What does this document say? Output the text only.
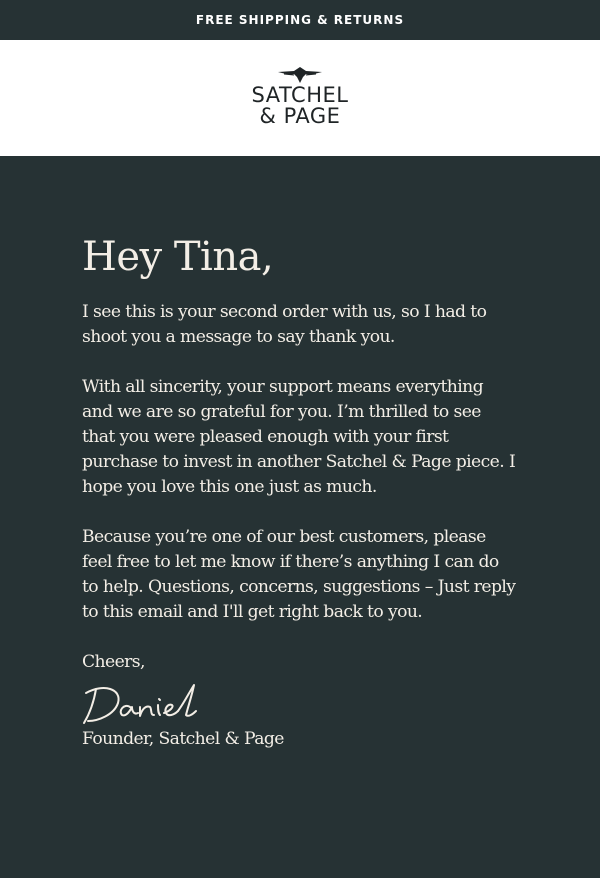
FREE SHIPPING & RETURNS
SATCHEL
& PAGE
Hey Tina,

I see this is your second order with us, so I had to shoot you a message to say thank you.

With all sincerity, your support means everything and we are so grateful for you. I’m thrilled to see that you were pleased enough with your first purchase to invest in another Satchel & Page piece. I hope you love this one just as much.

Because you’re one of our best customers, please feel free to let me know if there’s anything I can do to help. Questions, concerns, suggestions – Just reply to this email and I'll get right back to you.

Cheers,

Founder, Satchel & Page
